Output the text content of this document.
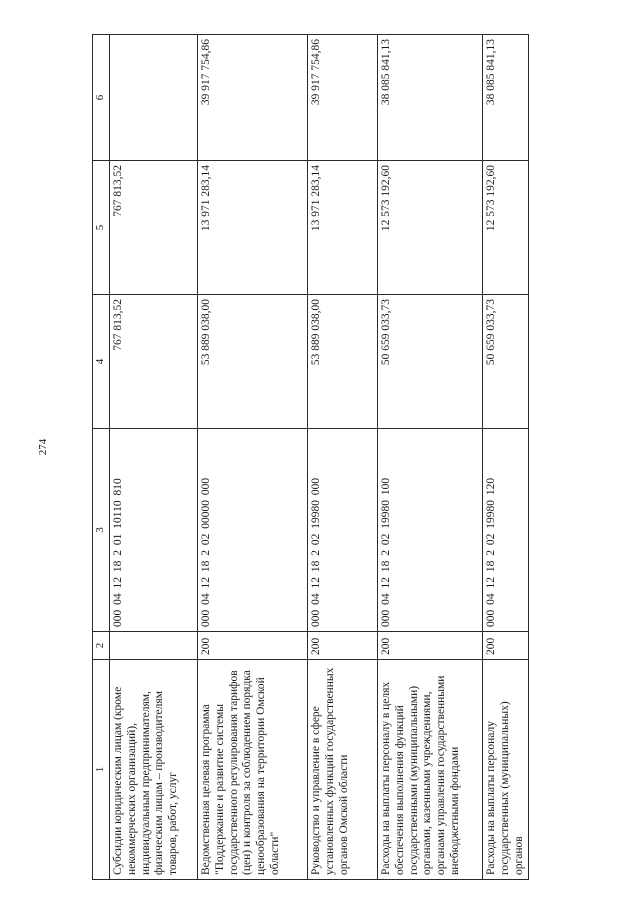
274
1	2	3	4	5	6
Субсидии юридическим лицам (кроме некоммерческих организаций), индивидуальным предпринимателям, физическим лицам – производителям товаров, работ, услуг		000 04 12 18 2 01 10110 810	767 813,52	767 813,52	
Ведомственная целевая программа "Поддержание и развитие системы государственного регулирования тарифов (цен) и контроля за соблюдением порядка ценообразования на территории Омской области"	200	000 04 12 18 2 02 00000 000	53 889 038,00	13 971 283,14	39 917 754,86
Руководство и управление в сфере установленных функций государственных органов Омской области	200	000 04 12 18 2 02 19980 000	53 889 038,00	13 971 283,14	39 917 754,86
Расходы на выплаты персоналу в целях обеспечения выполнения функций государственными (муниципальными) органами, казенными учреждениями, органами управления государственными внебюджетными фондами	200	000 04 12 18 2 02 19980 100	50 659 033,73	12 573 192,60	38 085 841,13
Расходы на выплаты персоналу государственных (муниципальных) органов	200	000 04 12 18 2 02 19980 120	50 659 033,73	12 573 192,60	38 085 841,13
